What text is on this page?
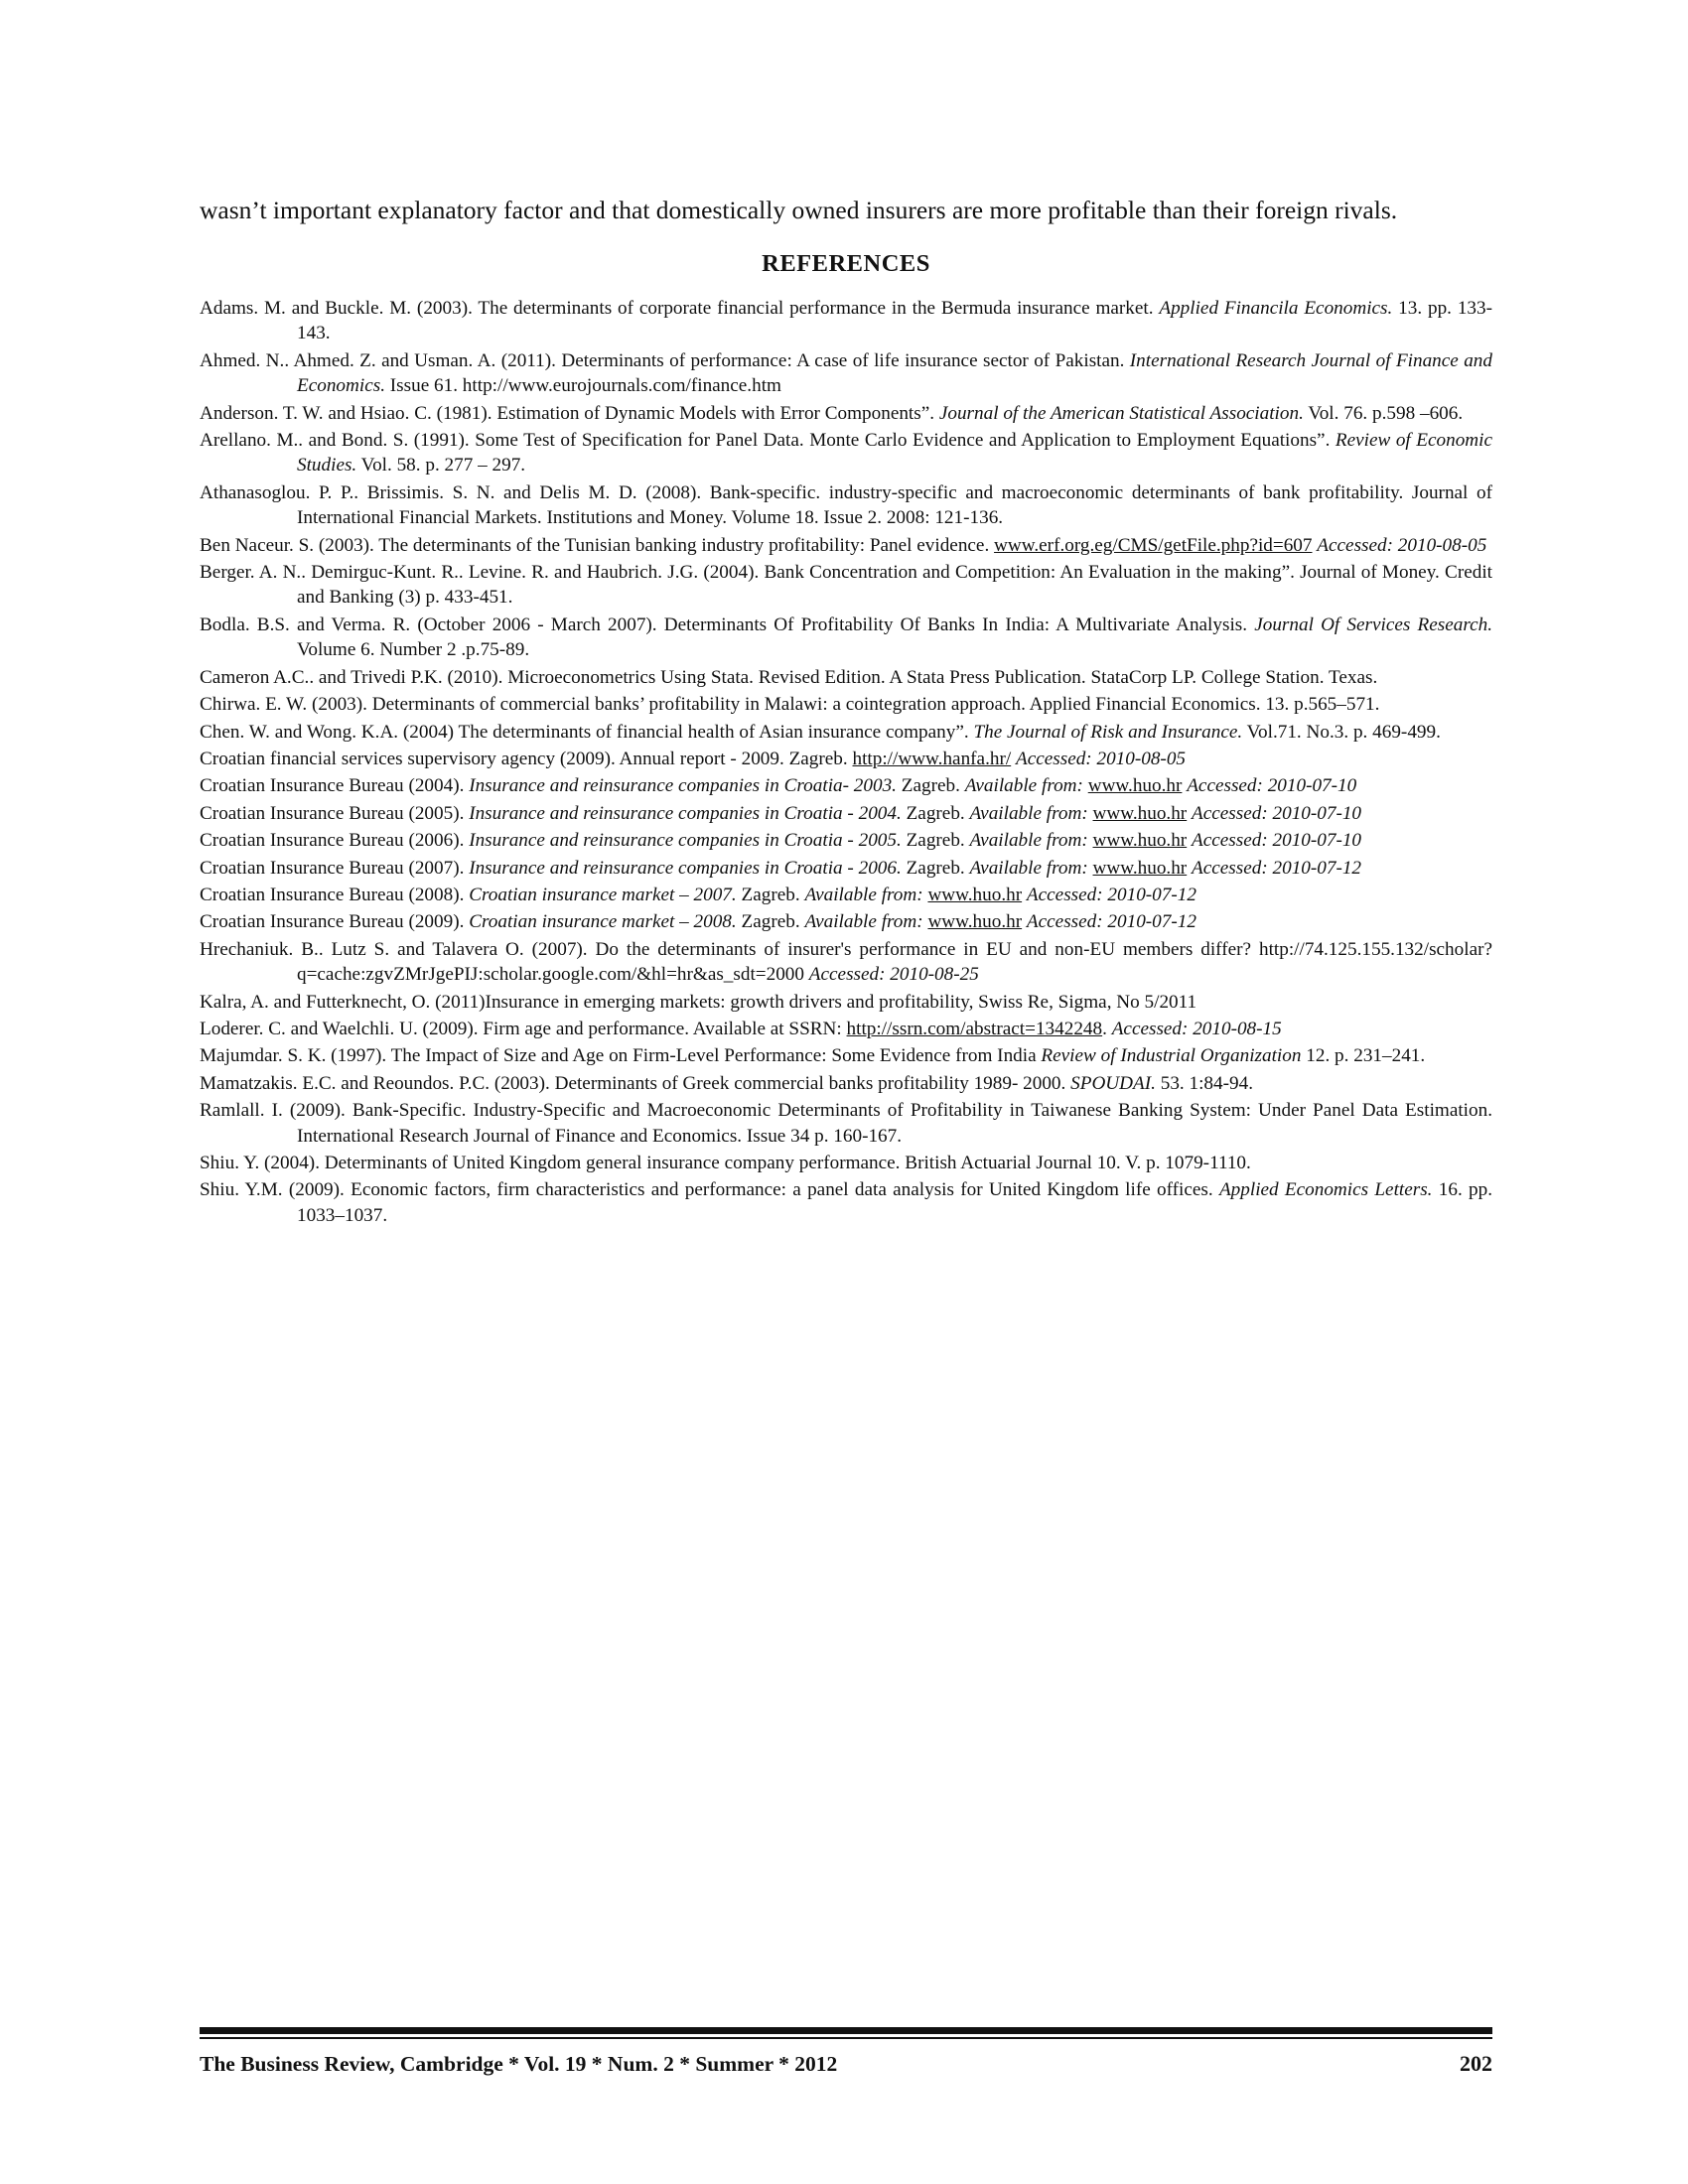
wasn’t important explanatory factor and that domestically owned insurers are more profitable than their foreign rivals.

REFERENCES
Adams. M. and Buckle. M. (2003). The determinants of corporate financial performance in the Bermuda insurance market. Applied Financila Economics. 13. pp. 133-143.
Ahmed. N.. Ahmed. Z. and Usman. A. (2011). Determinants of performance: A case of life insurance sector of Pakistan. International Research Journal of Finance and Economics. Issue 61. http://www.eurojournals.com/finance.htm
Anderson. T. W. and Hsiao. C. (1981). Estimation of Dynamic Models with Error Components”. Journal of the American Statistical Association. Vol. 76. p.598 –606.
Arellano. M.. and Bond. S. (1991). Some Test of Specification for Panel Data. Monte Carlo Evidence and Application to Employment Equations”. Review of Economic Studies. Vol. 58. p. 277 – 297.
Athanasoglou. P. P.. Brissimis. S. N. and Delis M. D. (2008). Bank-specific. industry-specific and macroeconomic determinants of bank profitability. Journal of International Financial Markets. Institutions and Money. Volume 18. Issue 2. 2008: 121-136.
Ben Naceur. S. (2003). The determinants of the Tunisian banking industry profitability: Panel evidence. www.erf.org.eg/CMS/getFile.php?id=607 Accessed: 2010-08-05
Berger. A. N.. Demirguc-Kunt. R.. Levine. R. and Haubrich. J.G. (2004). Bank Concentration and Competition: An Evaluation in the making”. Journal of Money. Credit and Banking (3) p. 433-451.
Bodla. B.S. and Verma. R. (October 2006 - March 2007). Determinants Of Profitability Of Banks In India: A Multivariate Analysis. Journal Of Services Research. Volume 6. Number 2 .p.75-89.
Cameron A.C.. and Trivedi P.K. (2010). Microeconometrics Using Stata. Revised Edition. A Stata Press Publication. StataCorp LP. College Station. Texas.
Chirwa. E. W. (2003). Determinants of commercial banks’ profitability in Malawi: a cointegration approach. Applied Financial Economics. 13. p.565–571.
Chen. W. and Wong. K.A. (2004) The determinants of financial health of Asian insurance company”. The Journal of Risk and Insurance. Vol.71. No.3. p. 469-499.
Croatian financial services supervisory agency (2009). Annual report - 2009. Zagreb. http://www.hanfa.hr/ Accessed: 2010-08-05
Croatian Insurance Bureau (2004). Insurance and reinsurance companies in Croatia- 2003. Zagreb. Available from: www.huo.hr Accessed: 2010-07-10
Croatian Insurance Bureau (2005). Insurance and reinsurance companies in Croatia - 2004. Zagreb. Available from: www.huo.hr Accessed: 2010-07-10
Croatian Insurance Bureau (2006). Insurance and reinsurance companies in Croatia - 2005. Zagreb. Available from: www.huo.hr Accessed: 2010-07-10
Croatian Insurance Bureau (2007). Insurance and reinsurance companies in Croatia - 2006. Zagreb. Available from: www.huo.hr Accessed: 2010-07-12
Croatian Insurance Bureau (2008). Croatian insurance market – 2007. Zagreb. Available from: www.huo.hr Accessed: 2010-07-12
Croatian Insurance Bureau (2009). Croatian insurance market – 2008. Zagreb. Available from: www.huo.hr Accessed: 2010-07-12
Hrechaniuk. B.. Lutz S. and Talavera O. (2007). Do the determinants of insurer's performance in EU and non-EU members differ? http://74.125.155.132/scholar?q=cache:zgvZMrJgePIJ:scholar.google.com/&hl=hr&as_sdt=2000 Accessed: 2010-08-25
Kalra, A. and Futterknecht, O. (2011)Insurance in emerging markets: growth drivers and profitability, Swiss Re, Sigma, No 5/2011
Loderer. C. and Waelchli. U. (2009). Firm age and performance. Available at SSRN: http://ssrn.com/abstract=1342248. Accessed: 2010-08-15
Majumdar. S. K. (1997). The Impact of Size and Age on Firm-Level Performance: Some Evidence from India Review of Industrial Organization 12. p. 231–241.
Mamatzakis. E.C. and Reoundos. P.C. (2003). Determinants of Greek commercial banks profitability 1989- 2000. SPOUDAI. 53. 1:84-94.
Ramlall. I. (2009). Bank-Specific. Industry-Specific and Macroeconomic Determinants of Profitability in Taiwanese Banking System: Under Panel Data Estimation. International Research Journal of Finance and Economics. Issue 34 p. 160-167.
Shiu. Y. (2004). Determinants of United Kingdom general insurance company performance. British Actuarial Journal 10. V. p. 1079-1110.
Shiu. Y.M. (2009). Economic factors, firm characteristics and performance: a panel data analysis for United Kingdom life offices. Applied Economics Letters. 16. pp. 1033–1037.
The Business Review, Cambridge * Vol. 19 * Num. 2 * Summer * 2012	202
